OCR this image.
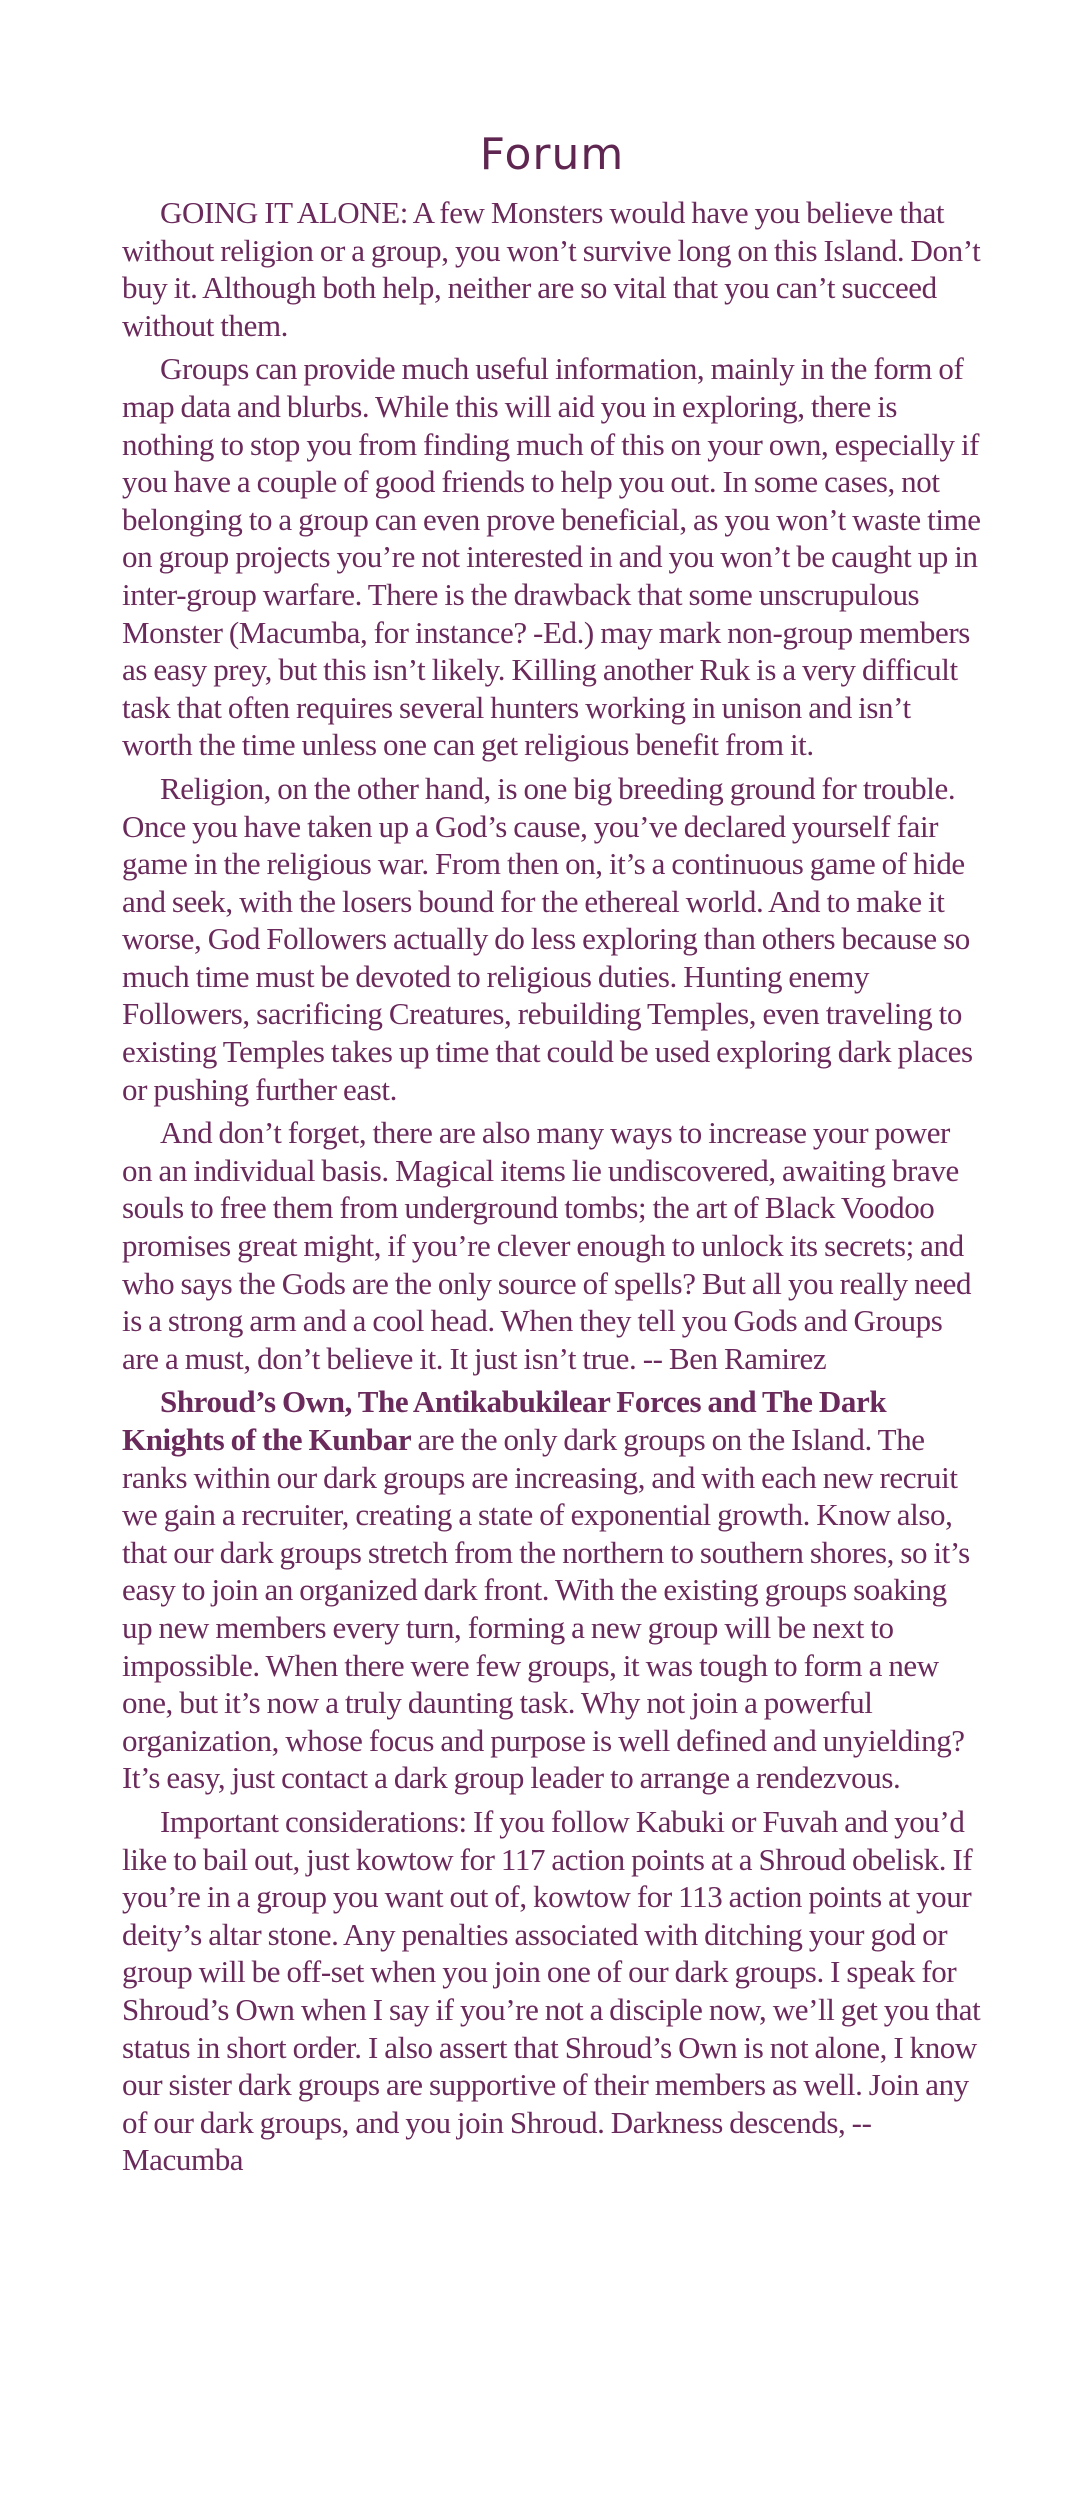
Forum

GOING IT ALONE: A few Monsters would have you believe that without religion or a group, you won’t survive long on this Island. Don’t buy it. Although both help, neither are so vital that you can’t succeed without them.

Groups can provide much useful information, mainly in the form of map data and blurbs. While this will aid you in exploring, there is nothing to stop you from finding much of this on your own, especially if you have a couple of good friends to help you out. In some cases, not belonging to a group can even prove beneficial, as you won’t waste time on group projects you’re not interested in and you won’t be caught up in inter-group warfare. There is the drawback that some unscrupulous Monster (Macumba, for instance? -Ed.) may mark non-group members as easy prey, but this isn’t likely. Killing another Ruk is a very difficult task that often requires several hunters working in unison and isn’t worth the time unless one can get religious benefit from it.

Religion, on the other hand, is one big breeding ground for trouble. Once you have taken up a God’s cause, you’ve declared yourself fair game in the religious war. From then on, it’s a continuous game of hide and seek, with the losers bound for the ethereal world. And to make it worse, God Followers actually do less exploring than others because so much time must be devoted to religious duties. Hunting enemy Followers, sacrificing Creatures, rebuilding Temples, even traveling to existing Temples takes up time that could be used exploring dark places or pushing further east.

And don’t forget, there are also many ways to increase your power on an individual basis. Magical items lie undiscovered, awaiting brave souls to free them from underground tombs; the art of Black Voodoo promises great might, if you’re clever enough to unlock its secrets; and who says the Gods are the only source of spells? But all you really need is a strong arm and a cool head. When they tell you Gods and Groups are a must, don’t believe it. It just isn’t true. -- Ben Ramirez

Shroud’s Own, The Antikabukilear Forces and The Dark Knights of the Kunbar are the only dark groups on the Island. The ranks within our dark groups are increasing, and with each new recruit we gain a recruiter, creating a state of exponential growth. Know also, that our dark groups stretch from the northern to southern shores, so it’s easy to join an organized dark front. With the existing groups soaking up new members every turn, forming a new group will be next to impossible. When there were few groups, it was tough to form a new one, but it’s now a truly daunting task. Why not join a powerful organization, whose focus and purpose is well defined and unyielding? It’s easy, just contact a dark group leader to arrange a rendezvous.

Important considerations: If you follow Kabuki or Fuvah and you’d like to bail out, just kowtow for 117 action points at a Shroud obelisk. If you’re in a group you want out of, kowtow for 113 action points at your deity’s altar stone. Any penalties associated with ditching your god or group will be off-set when you join one of our dark groups. I speak for Shroud’s Own when I say if you’re not a disciple now, we’ll get you that status in short order. I also assert that Shroud’s Own is not alone, I know our sister dark groups are supportive of their members as well. Join any of our dark groups, and you join Shroud. Darkness descends, -- Macumba
